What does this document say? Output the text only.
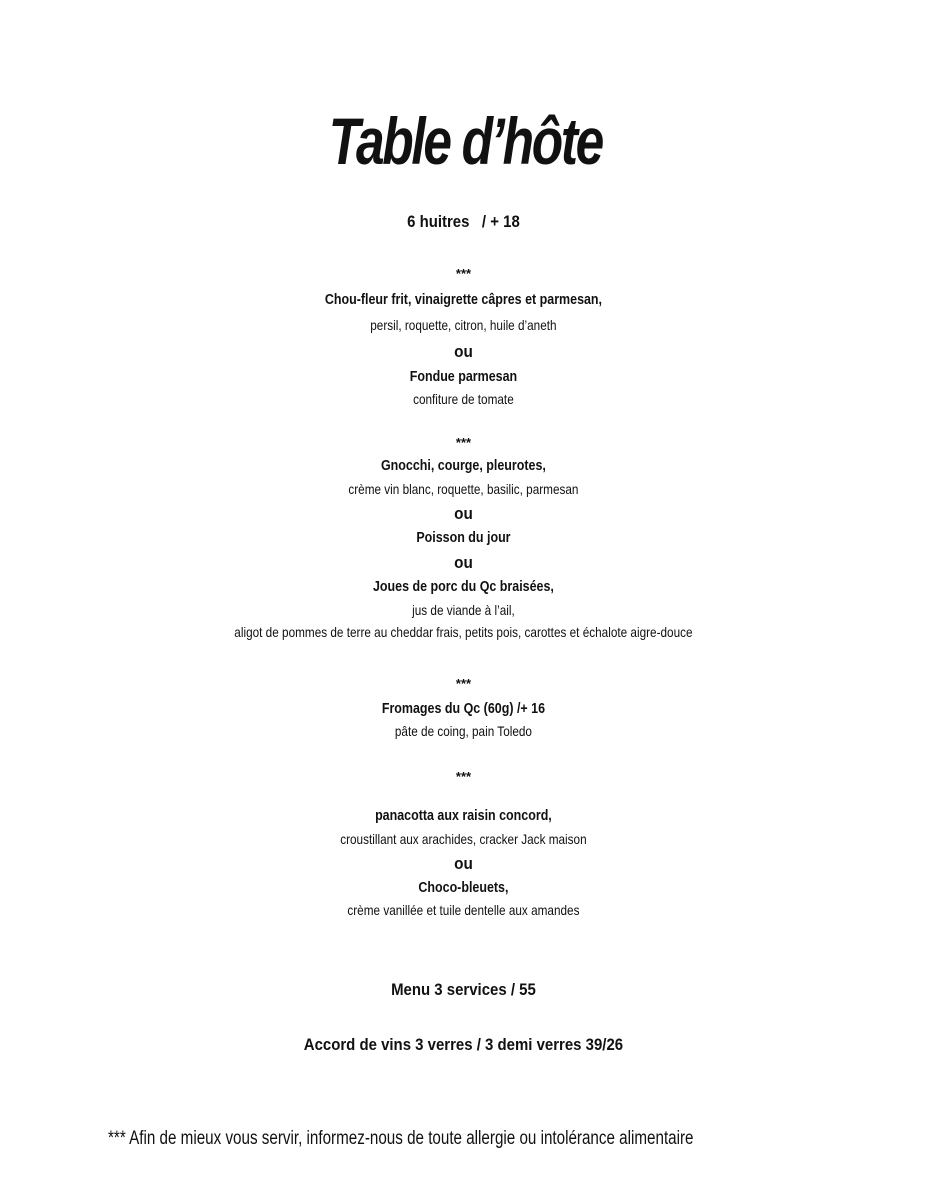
Table d’hôte
6 huitres / + 18
***
Chou-fleur frit, vinaigrette câpres et parmesan,
persil, roquette, citron, huile d’aneth
ou
Fondue parmesan
confiture de tomate
***
Gnocchi, courge, pleurotes,
crème vin blanc, roquette, basilic, parmesan
ou
Poisson du jour
ou
Joues de porc du Qc braisées,
jus de viande à l’ail,
aligot de pommes de terre au cheddar frais, petits pois, carottes et échalote aigre-douce
***
Fromages du Qc (60g) /+ 16
pâte de coing, pain Toledo
***
panacotta aux raisin concord,
croustillant aux arachides, cracker Jack maison
ou
Choco-bleuets,
crème vanillée et tuile dentelle aux amandes
Menu 3 services / 55
Accord de vins 3 verres / 3 demi verres 39/26
*** Afin de mieux vous servir, informez-nous de toute allergie ou intolérance alimentaire
